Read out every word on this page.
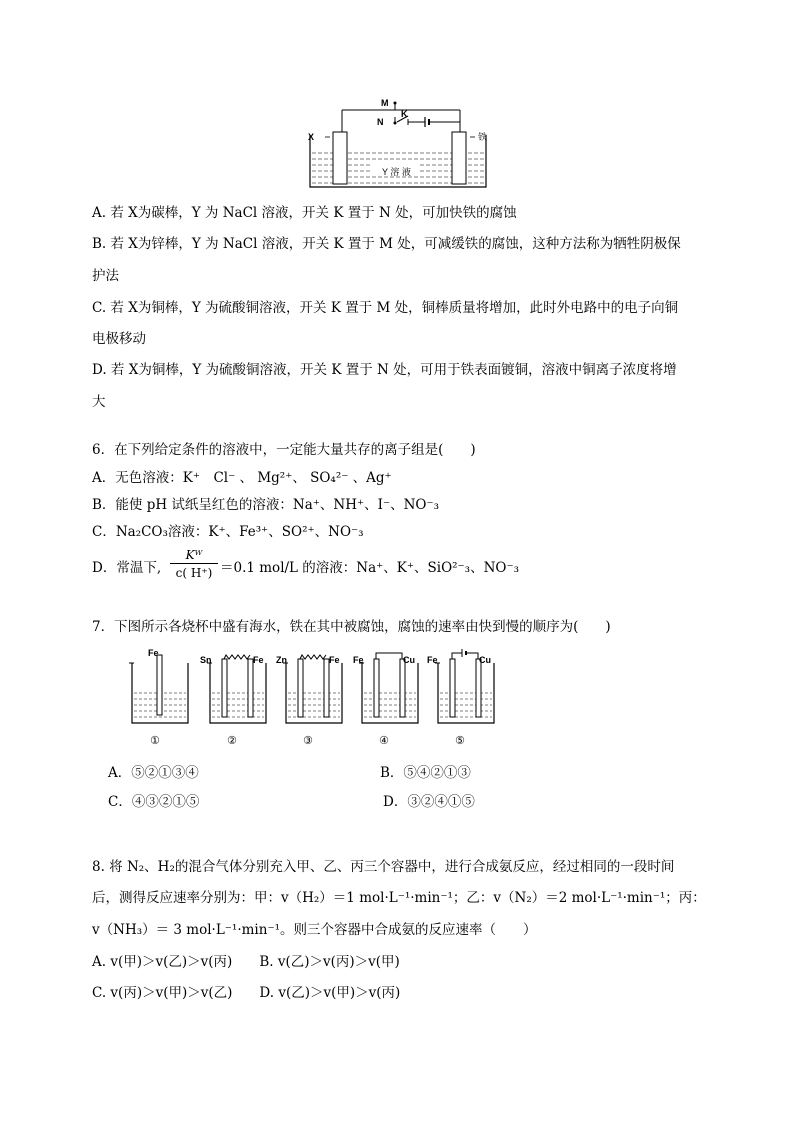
M
N
K
X	铁
Y 溶 液
A. 若 X为碳棒，Y 为 NaCl 溶液，开关 K 置于 N 处，可加快铁的腐蚀
B. 若 X为锌棒，Y 为 NaCl 溶液，开关 K 置于 M 处，可减缓铁的腐蚀，这种方法称为牺牲阴极保
护法
C. 若 X为铜棒，Y 为硫酸铜溶液，开关 K 置于 M 处，铜棒质量将增加，此时外电路中的电子向铜
电极移动
D. 若 X为铜棒，Y 为硫酸铜溶液，开关 K 置于 N 处，可用于铁表面镀铜，溶液中铜离子浓度将增
大
6．在下列给定条件的溶液中，一定能大量共存的离子组是(　　)
A．无色溶液：K⁺　Cl⁻ 、 Mg²⁺、 SO₄²⁻ 、Ag⁺
B．能使 pH 试纸呈红色的溶液：Na⁺、NH⁺、I⁻、NO⁻₃
C．Na₂CO₃溶液：K⁺、Fe³⁺、SO²⁺、NO⁻₃
D．常温下, $\frac{\text{Kᵂ}}{c( H^+)} =0.1$ mol/L 的溶液：Na⁺、K⁺、SiO²⁻₃、NO⁻₃
7．下图所示各烧杯中盛有海水，铁在其中被腐蚀，腐蚀的速率由快到慢的顺序为(　　)
Fe
Sn	Fe Zn	Fe Fe	Cu Fe	Cu
①	②	③	④	⑤
A．⑤②①③④	B．⑤④②①③
C．④③②①⑤	D．③②④①⑤
8. 将 N₂、H₂的混合气体分别充入甲、乙、丙三个容器中，进行合成氨反应，经过相同的一段时间
后，测得反应速率分别为：甲：v（H₂）＝1 mol·L⁻¹·min⁻¹；乙：v（N₂）＝2 mol·L⁻¹·min⁻¹；丙：
v（NH₃）＝ 3 mol·L⁻¹·min⁻¹。则三个容器中合成氨的反应速率（　　）
A. v(甲)＞v(乙)＞v(丙)　　B. v(乙)＞v(丙)＞v(甲)
C. v(丙)＞v(甲)＞v(乙)　　D. v(乙)＞v(甲)＞v(丙)
